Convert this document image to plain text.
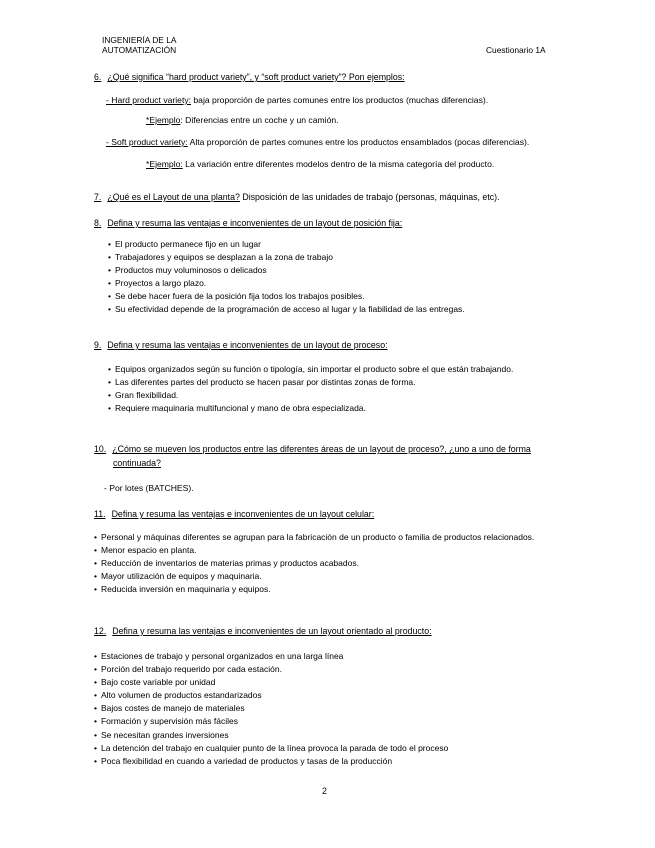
INGENIERÍA DE LA
AUTOMATIZACIÓN	Cuestionario 1A
6. ¿Qué significa “hard product variety”, y “soft product variety”? Pon ejemplos:
- Hard product variety: baja proporción de partes comunes entre los productos (muchas diferencias).
*Ejemplo: Diferencias entre un coche y un camión.
- Soft product variety: Alta proporción de partes comunes entre los productos ensamblados (pocas diferencias).
*Ejemplo: La variación entre diferentes modelos dentro de la misma categoría del producto.
7. ¿Qué es el Layout de una planta? Disposición de las unidades de trabajo (personas, máquinas, etc).
8. Defina y resuma las ventajas e inconvenientes de un layout de posición fija:
• El producto permanece fijo en un lugar
• Trabajadores y equipos se desplazan a la zona de trabajo
• Productos muy voluminosos o delicados
• Proyectos a largo plazo.
• Se debe hacer fuera de la posición fija todos los trabajos posibles.
• Su efectividad depende de la programación de acceso al lugar y la fiabilidad de las entregas.
9. Defina y resuma las ventajas e inconvenientes de un layout de proceso:
• Equipos organizados según su función o tipología, sin importar el producto sobre el que están trabajando.
• Las diferentes partes del producto se hacen pasar por distintas zonas de forma.
• Gran flexibilidad.
• Requiere maquinaria multifuncional y mano de obra especializada.
10. ¿Cómo se mueven los productos entre las diferentes áreas de un layout de proceso?, ¿uno a uno de forma
continuada?
- Por lotes (BATCHES).
11. Defina y resuma las ventajas e inconvenientes de un layout celular:
• Personal y máquinas diferentes se agrupan para la fabricación de un producto o familia de productos relacionados.
• Menor espacio en planta.
• Reducción de inventarios de materias primas y productos acabados.
• Mayor utilización de equipos y maquinaria.
• Reducida inversión en maquinaria y equipos.
12. Defina y resuma las ventajas e inconvenientes de un layout orientado al producto:
• Estaciones de trabajo y personal organizados en una larga línea
• Porción del trabajo requerido por cada estación.
• Bajo coste variable por unidad
• Alto volumen de productos estandarizados
• Bajos costes de manejo de materiales
• Formación y supervisión más fáciles
• Se necesitan grandes inversiones
• La detención del trabajo en cualquier punto de la línea provoca la parada de todo el proceso
• Poca flexibilidad en cuando a variedad de productos y tasas de la producción
2
